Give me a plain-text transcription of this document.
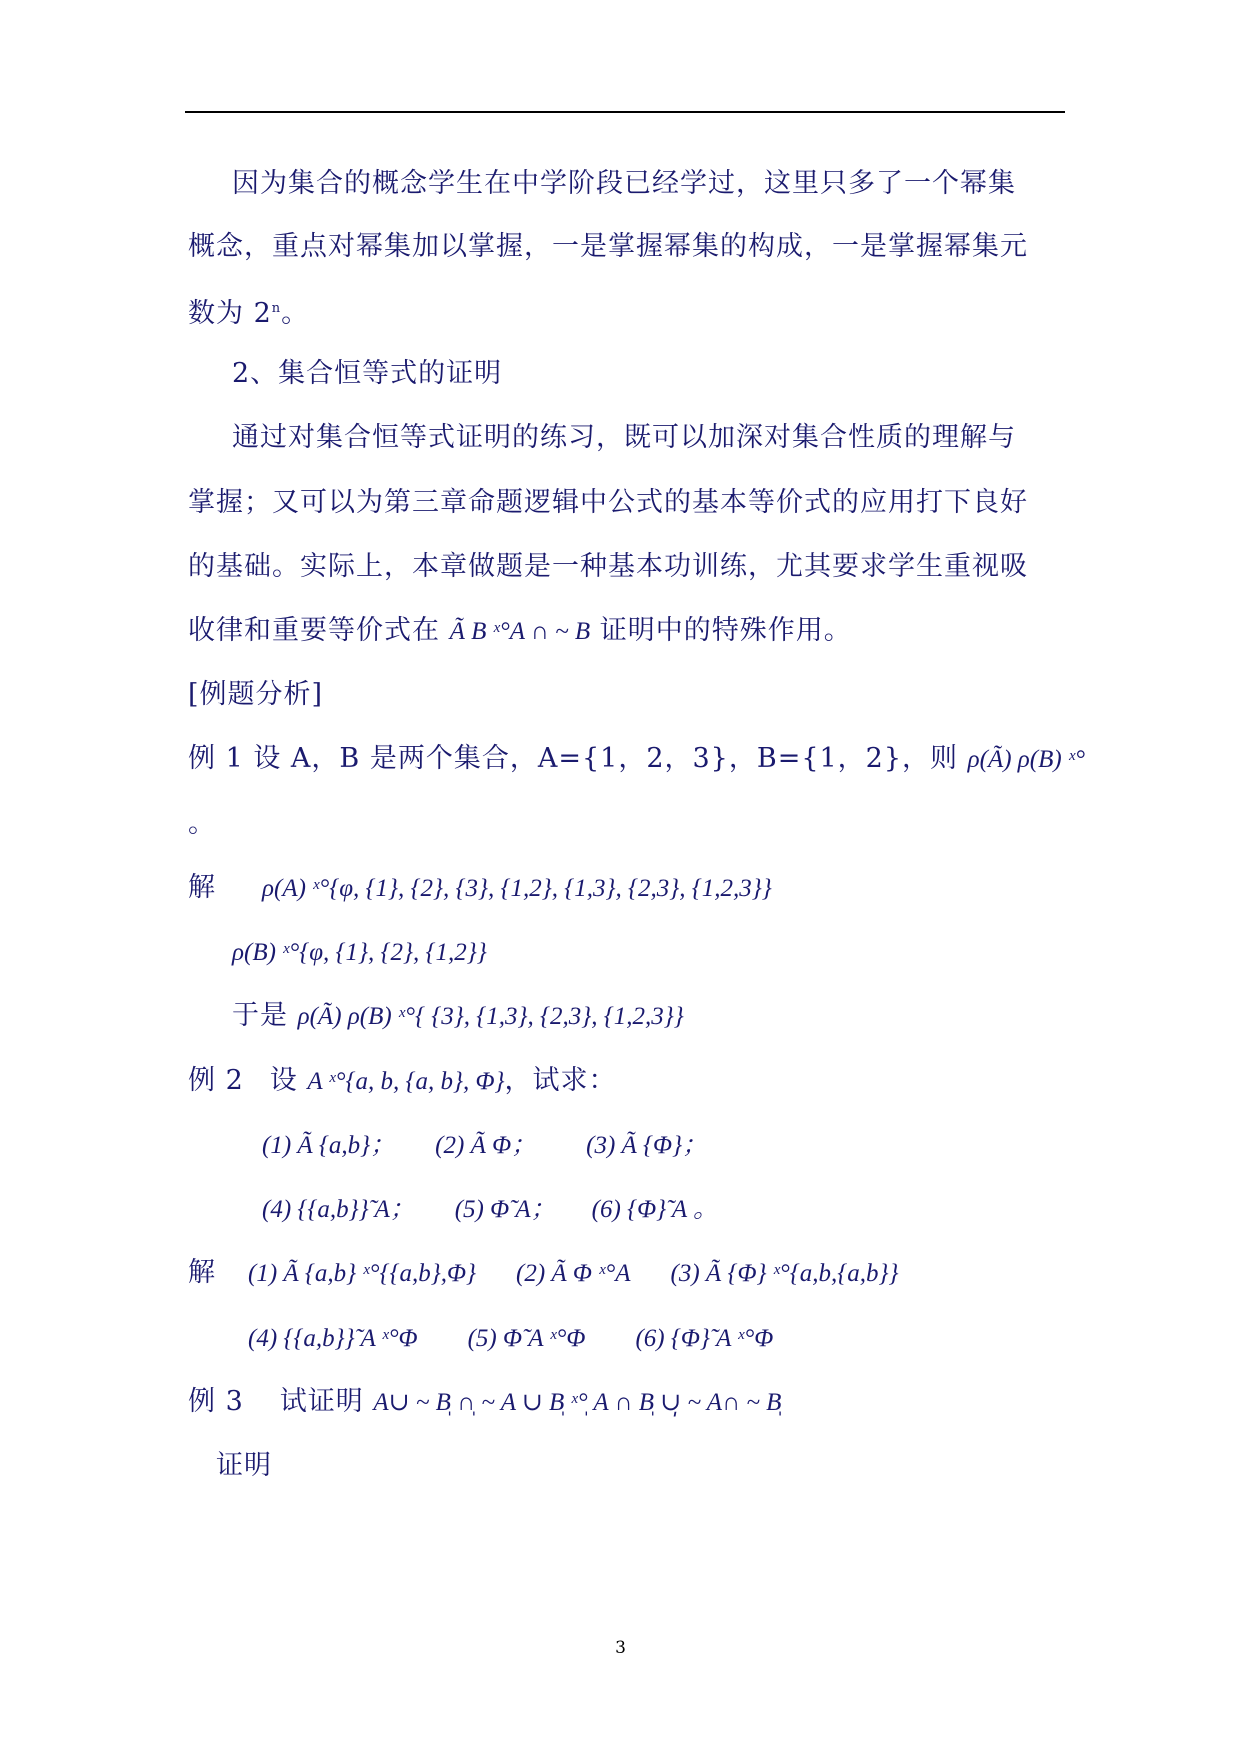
因为集合的概念学生在中学阶段已经学过，这里只多了一个幂集
概念，重点对幂集加以掌握，一是掌握幂集的构成，一是掌握幂集元
数为 2$^n$。
2、集合恒等式的证明
通过对集合恒等式证明的练习，既可以加深对集合性质的理解与
掌握；又可以为第三章命题逻辑中公式的基本等价式的应用打下良好
的基础。实际上，本章做题是一种基本功训练，尤其要求学生重视吸
收律和重要等价式在 Ã B ˣ°A ∩ ~ B 证明中的特殊作用。
[例题分析]
例 1 设 A，B 是两个集合，A={1，2，3}，B={1，2}，则 ρ(Ã) ρ(B) ˣ°
。
解 ρ(A) ˣ°{φ, {1}, {2}, {3}, {1,2}, {1,3}, {2,3}, {1,2,3}}
ρ(B) ˣ°{φ, {1}, {2}, {1,2}}
于是 ρ(Ã) ρ(B) ˣ°{ {3}, {1,3}, {2,3}, {1,2,3}}
例 2 设 A ˣ°{a, b, {a, b}, Φ}，试求：
(1) Ã {a,b}； (2) Ã Φ； (3) Ã {Φ}；
(4) {{a,b}}̃ A； (5) Φ̃ A； (6) {Φ}̃ A 。
解 (1) Ã {a,b} ˣ°{{a,b},Φ} (2) Ã Φ ˣ°A (3) Ã {Φ} ˣ°{a,b,{a,b}}
(4) {{a,b}}̃ A ˣ°Φ (5) Φ̃ A ˣ°Φ (6) {Φ}̃ A ˣ°Φ
例 3 试证明 A∪ ~ B̩ ∩̩ ~ A ∪ B̩ ˣ°̩ A ∩ B̩ ∪̩ ~ A∩ ~ B̩
证明
3
